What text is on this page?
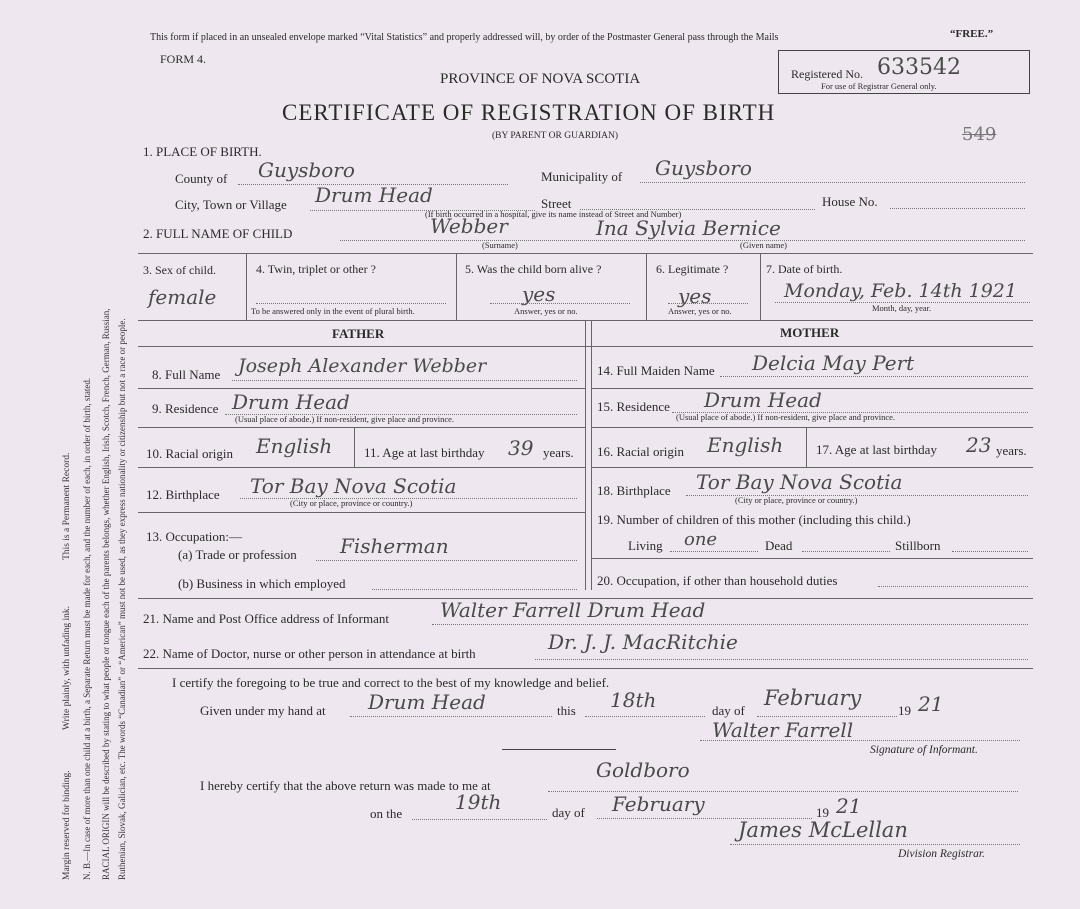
Margin reserved for binding.
Write plainly, with unfading ink.
This is a Permanent Record. N. B.—In case of more than one child at a birth, a Separate Return must be made for each, and the number of each, in order of birth, stated. RACIAL ORIGIN will be described by stating to what people or tongue each of the parents belongs, whether English, Irish, Scotch, French, German, Russian, Ruthenian, Slovak, Galician, etc. The words “Canadian” or “American” must not be used, as they express nationality or citizenship but not a race or people.
This form if placed in an unsealed envelope marked “Vital Statistics” and properly addressed will, by order of the Postmaster General pass through the Mails	“FREE.”
FORM 4.
PROVINCE OF NOVA SCOTIA
CERTIFICATE OF REGISTRATION OF BIRTH
(BY PARENT OR GUARDIAN)
Registered No. 633542
For use of Registrar General only.
549
1. PLACE OF BIRTH.
County of Guysboro	Municipality of Guysboro
City, Town or Village Drum Head	Street	House No.
(If birth occurred in a hospital, give its name instead of Street and Number)
2. FULL NAME OF CHILD	Webber	Ina Sylvia Bernice
(Surname)	(Given name)
3. Sex of child.
female
4. Twin, triplet or other ?
To be answered only in the event of plural birth.
5. Was the child born alive ?
yes
Answer, yes or no.
6. Legitimate ?
yes
Answer, yes or no.
7. Date of birth.
Monday, Feb. 14th 1921
Month, day, year.
FATHER	MOTHER
8. Full Name Joseph Alexander Webber
9. Residence Drum Head
(Usual place of abode.) If non-resident, give place and province.
10. Racial origin English 11. Age at last birthday 39 years.
12. Birthplace Tor Bay Nova Scotia
(City or place, province or country.)
13. Occupation:—
(a) Trade or profession Fisherman
(b) Business in which employed
14. Full Maiden Name Delcia May Pert
15. Residence Drum Head
(Usual place of abode.) If non-resident, give place and province.
16. Racial origin English	17. Age at last birthday 23 years.
18. Birthplace Tor Bay Nova Scotia
(City or place, province or country.)
19. Number of children of this mother (including this child.)
Living one	Dead	Stillborn
20. Occupation, if other than household duties
21. Name and Post Office address of Informant	Walter Farrell Drum Head
22. Name of Doctor, nurse or other person in attendance at birth	Dr. J. J. MacRitchie
I certify the foregoing to be true and correct to the best of my knowledge and belief.
Given under my hand at Drum Head	this 18th	day of
February
19 21
Walter Farrell
Signature of Informant.
I hereby certify that the above return was made to me at
Goldboro
on the	19th	day of February	19 21
James McLellan
Division Registrar.
